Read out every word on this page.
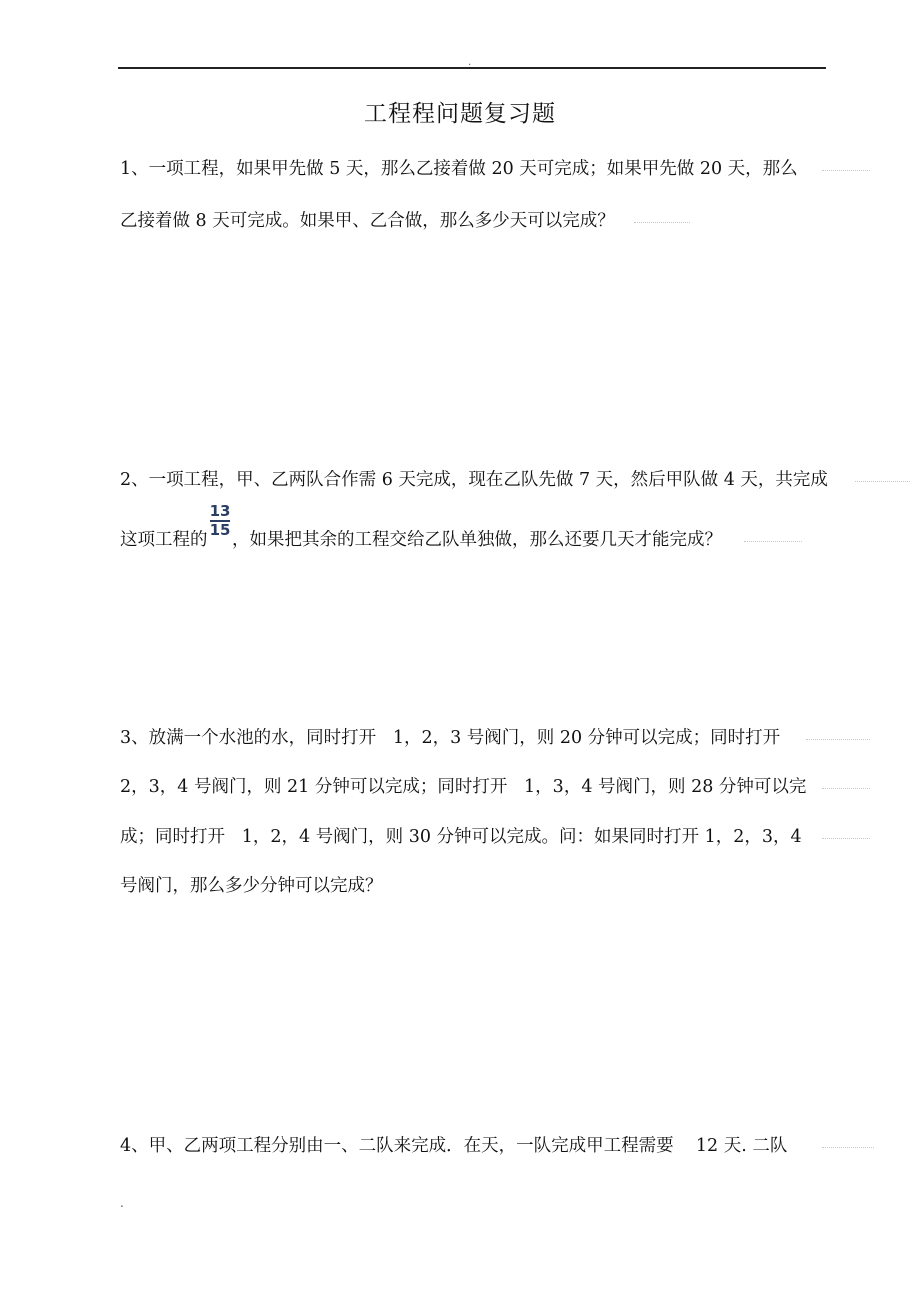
.
工程程问题复习题
1、一项工程，如果甲先做 5 天，那么乙接着做 20 天可完成；如果甲先做 20 天，那么
乙接着做 8 天可完成。如果甲、乙合做，那么多少天可以完成？
2、一项工程，甲、乙两队合作需 6 天完成，现在乙队先做 7 天，然后甲队做 4 天，共完成
这项工程的
13
15 ，如果把其余的工程交给乙队单独做，那么还要几天才能完成？
3、放满一个水池的水，同时打开   1，2，3 号阀门，则 20 分钟可以完成；同时打开
2，3，4 号阀门，则 21 分钟可以完成；同时打开   1，3，4 号阀门，则 28 分钟可以完
成；同时打开   1，2，4 号阀门，则 30 分钟可以完成。问：如果同时打开 1，2，3，4
号阀门，那么多少分钟可以完成？
4、甲、乙两项工程分别由一、二队来完成．在天，一队完成甲工程需要    12 天. 二队
.
